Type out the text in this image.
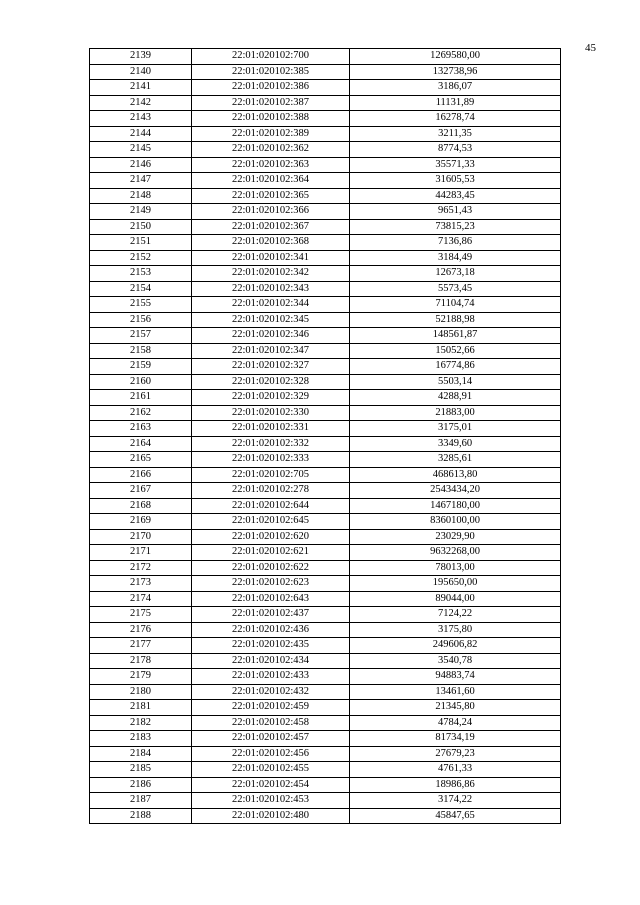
45
2139	22:01:020102:700	1269580,00
2140	22:01:020102:385	132738,96
2141	22:01:020102:386	3186,07
2142	22:01:020102:387	11131,89
2143	22:01:020102:388	16278,74
2144	22:01:020102:389	3211,35
2145	22:01:020102:362	8774,53
2146	22:01:020102:363	35571,33
2147	22:01:020102:364	31605,53
2148	22:01:020102:365	44283,45
2149	22:01:020102:366	9651,43
2150	22:01:020102:367	73815,23
2151	22:01:020102:368	7136,86
2152	22:01:020102:341	3184,49
2153	22:01:020102:342	12673,18
2154	22:01:020102:343	5573,45
2155	22:01:020102:344	71104,74
2156	22:01:020102:345	52188,98
2157	22:01:020102:346	148561,87
2158	22:01:020102:347	15052,66
2159	22:01:020102:327	16774,86
2160	22:01:020102:328	5503,14
2161	22:01:020102:329	4288,91
2162	22:01:020102:330	21883,00
2163	22:01:020102:331	3175,01
2164	22:01:020102:332	3349,60
2165	22:01:020102:333	3285,61
2166	22:01:020102:705	468613,80
2167	22:01:020102:278	2543434,20
2168	22:01:020102:644	1467180,00
2169	22:01:020102:645	8360100,00
2170	22:01:020102:620	23029,90
2171	22:01:020102:621	9632268,00
2172	22:01:020102:622	78013,00
2173	22:01:020102:623	195650,00
2174	22:01:020102:643	89044,00
2175	22:01:020102:437	7124,22
2176	22:01:020102:436	3175,80
2177	22:01:020102:435	249606,82
2178	22:01:020102:434	3540,78
2179	22:01:020102:433	94883,74
2180	22:01:020102:432	13461,60
2181	22:01:020102:459	21345,80
2182	22:01:020102:458	4784,24
2183	22:01:020102:457	81734,19
2184	22:01:020102:456	27679,23
2185	22:01:020102:455	4761,33
2186	22:01:020102:454	18986,86
2187	22:01:020102:453	3174,22
2188	22:01:020102:480	45847,65
